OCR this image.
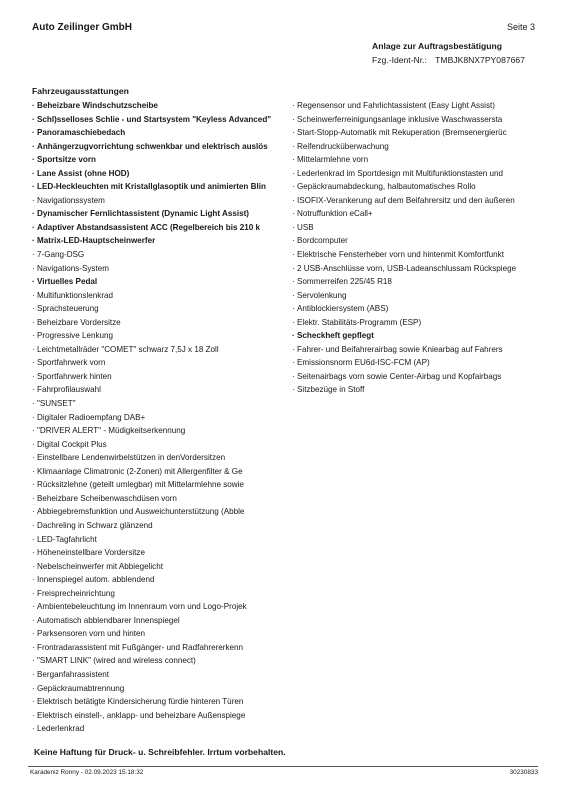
Auto Zeilinger GmbH	Seite 3
Anlage zur Auftragsbestätigung
Fzg.-Ident-Nr.: TMBJK8NX7PY087667
Fahrzeugausstattungen
· Beheizbare Windschutzscheibe
· Schl)sselloses Schlie - und Startsystem "Keyless Advanced"
· Panoramaschiebedach
· Anhängerzugvorrichtung schwenkbar und elektrisch auslös
· Sportsitze vorn
· Lane Assist (ohne HOD)
· LED-Heckleuchten mit Kristallglasoptik und animierten Blin
· Navigationssystem
· Dynamischer Fernlichtassistent (Dynamic Light Assist)
· Adaptiver Abstandsassistent ACC (Regelbereich bis 210 k
· Matrix-LED-Hauptscheinwerfer
· 7-Gang-DSG
· Navigations-System
· Virtuelles Pedal
· Multifunktionslenkrad
· Sprachsteuerung
· Beheizbare Vordersitze
· Progressive Lenkung
· Leichtmetallräder "COMET" schwarz 7,5J x 18 Zoll
· Sportfahrwerk vorn
· Sportfahrwerk hinten
· Fahrprofilauswahl
· "SUNSET"
· Digitaler Radioempfang DAB+
· "DRIVER ALERT" - Müdigkeitserkennung
· Digital Cockpit Plus
· Einstellbare Lendenwirbelstützen in denVordersitzen
· Klimaanlage Climatronic (2-Zonen) mit Allergenfilter & Ge
· Rücksitzlehne (geteilt umlegbar) mit Mittelarmlehne sowie
· Beheizbare Scheibenwaschdüsen vorn
· Abbiegebremsfunktion und Ausweichunterstützung (Abble
· Dachreling in Schwarz glänzend
· LED-Tagfahrlicht
· Höheneinstellbare Vordersitze
· Nebelscheinwerfer mit Abbiegelicht
· Innenspiegel autom. abblendend
· Freisprecheinrichtung
· Ambientebeleuchtung im Innenraum vorn und Logo-Projek
· Automatisch abblendbarer Innenspiegel
· Parksensoren vorn und hinten
· Frontradarassistent mit Fußgänger- und Radfahrererkenn
· "SMART LINK" (wired and wireless connect)
· Berganfahrassistent
· Gepäckraumabtrennung
· Elektrisch betätigte Kindersicherung fürdie hinteren Türen
· Elektrisch einstell-, anklapp- und beheizbare Außenspiege
· Lederlenkrad
· Regensensor und Fahrlichtassistent (Easy Light Assist)
· Scheinwerferreinigungsanlage inklusive Waschwassersta
· Start-Stopp-Automatik mit Rekuperation (Bremsenergierüc
· Reifendrucküberwachung
· Mittelarmlehne vorn
· Lederlenkrad im Sportdesign mit Multifunktionstasten und
· Gepäckraumabdeckung, halbautomatisches Rollo
· ISOFIX-Verankerung auf dem Beifahrersitz und den äußeren
· Notruffunktion eCall+
· USB
· Bordcomputer
· Elektrische Fensterheber vorn und hintenmit Komfortfunkt
· 2 USB-Anschlüsse vorn, USB-Ladeanschlussam Rückspiege
· Sommerreifen 225/45 R18
· Servolenkung
· Antiblockiersystem (ABS)
· Elektr. Stabilitäts-Programm (ESP)
· Scheckheft gepflegt
· Fahrer- und Beifahrerairbag sowie Kniearbag auf Fahrers
· Emissionsnorm EU6d-ISC-FCM (AP)
· Seitenairbags vorn sowie Center-Airbag und Kopfairbags
· Sitzbezüge in Stoff
Keine Haftung für Druck- u. Schreibfehler. Irrtum vorbehalten.
Karadeniz Ronny - 02.09.2023 15:18:32	30230833
